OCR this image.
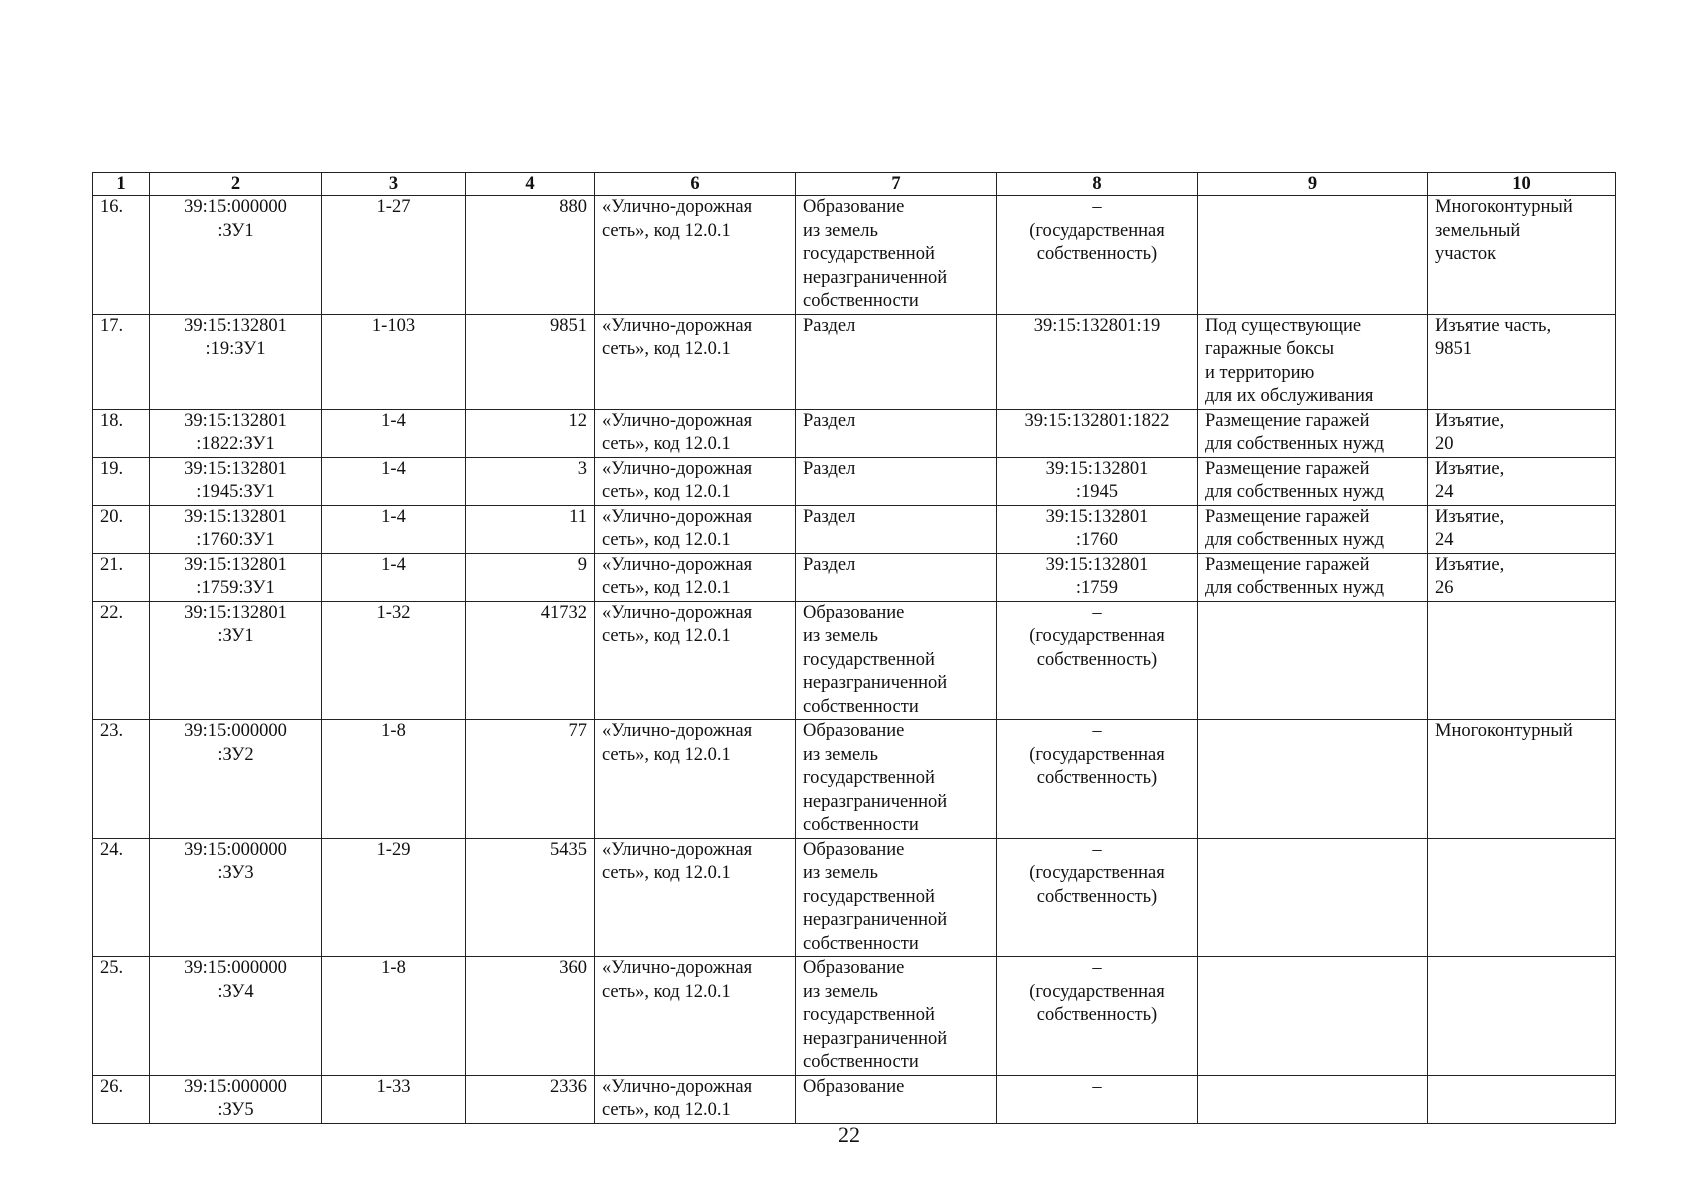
1	2	3	4	6	7	8	9	10
16.	39:15:000000
:ЗУ1	1-27	880	«Улично-дорожная
сеть», код 12.0.1	Образование
из земель
государственной
неразграниченной
собственности	–
(государственная
собственность)		Многоконтурный
земельный
участок
17.	39:15:132801
:19:ЗУ1	1-103	9851	«Улично-дорожная
сеть», код 12.0.1	Раздел	39:15:132801:19	Под существующие
гаражные боксы
и территорию
для их обслуживания	Изъятие часть,
9851
18.	39:15:132801
:1822:ЗУ1	1-4	12	«Улично-дорожная
сеть», код 12.0.1	Раздел	39:15:132801:1822	Размещение гаражей
для собственных нужд	Изъятие,
20
19.	39:15:132801
:1945:ЗУ1	1-4	3	«Улично-дорожная
сеть», код 12.0.1	Раздел	39:15:132801
:1945	Размещение гаражей
для собственных нужд	Изъятие,
24
20.	39:15:132801
:1760:ЗУ1	1-4	11	«Улично-дорожная
сеть», код 12.0.1	Раздел	39:15:132801
:1760	Размещение гаражей
для собственных нужд	Изъятие,
24
21.	39:15:132801
:1759:ЗУ1	1-4	9	«Улично-дорожная
сеть», код 12.0.1	Раздел	39:15:132801
:1759	Размещение гаражей
для собственных нужд	Изъятие,
26
22.	39:15:132801
:ЗУ1	1-32	41732	«Улично-дорожная
сеть», код 12.0.1	Образование
из земель
государственной
неразграниченной
собственности	–
(государственная
собственность)		
23.	39:15:000000
:ЗУ2	1-8	77	«Улично-дорожная
сеть», код 12.0.1	Образование
из земель
государственной
неразграниченной
собственности	–
(государственная
собственность)		Многоконтурный
24.	39:15:000000
:ЗУ3	1-29	5435	«Улично-дорожная
сеть», код 12.0.1	Образование
из земель
государственной
неразграниченной
собственности	–
(государственная
собственность)		
25.	39:15:000000
:ЗУ4	1-8	360	«Улично-дорожная
сеть», код 12.0.1	Образование
из земель
государственной
неразграниченной
собственности	–
(государственная
собственность)		
26.	39:15:000000
:ЗУ5	1-33	2336	«Улично-дорожная
сеть», код 12.0.1	Образование	–		
22
